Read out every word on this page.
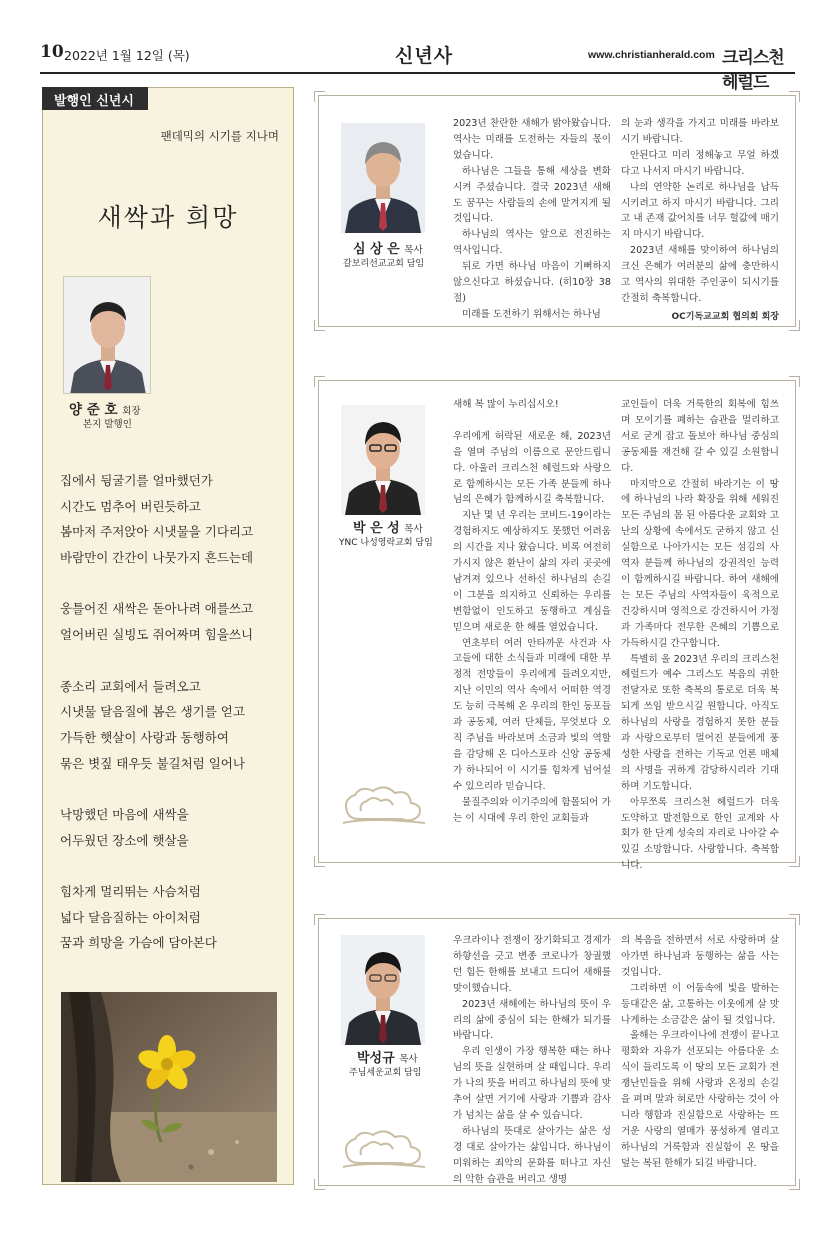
10 2022년 1월 12일 (목)	신년사	www.christianherald.com 크리스천헤럴드
발행인 신년시
팬데믹의 시기를 지나며
새싹과 희망
양 준 호 회장
본지 발행인
집에서 뒹굴기를 얼마했던가
시간도 멈추어 버린듯하고
봄마저 주저앉아 시냇물을 기다리고
바람만이 간간이 나뭇가지 흔드는데
웅틀어진 새싹은 돋아나려 애를쓰고
얼어버린 실빙도 쥐어짜며 힘을쓰니
종소리 교회에서 들려오고
시냇물 달음질에 봄은 생기를 얻고
가득한 햇살이 사랑과 동행하여
묶은 볏짚 태우듯 불길처럼 일어나
낙망했던 마음에 새싹을
어두웠던 장소에 햇살을
힘차게 멀리뛰는 사슴처럼
넓다 달음질하는 아이처럼
꿈과 희망을 가슴에 담아본다
심 상 은 목사
갈보리선교교회 담임

2023년 찬란한 새해가 밝아왔습니다. 역사는 미래를 도전하는 자들의 몫이었습니다.

하나님은 그들을 통해 세상을 변화시켜 주셨습니다. 결국 2023년 새해도 꿈꾸는 사람들의 손에 맡겨지게 될 것입니다.

하나님의 역사는 앞으로 전진하는 역사입니다.

뒤로 가면 하나님 마음이 기뻐하지 않으신다고 하셨습니다. (히10장 38절)

미래를 도전하기 위해서는 하나님

의 눈과 생각을 가지고 미래를 바라보시기 바랍니다.

안된다고 미리 정해놓고 무얼 하겠다고 나서지 마시기 바랍니다.

나의 연약한 논리로 하나님을 납득시키려고 하지 마시기 바랍니다. 그리고 내 존재 값어치를 너무 헐값에 매기지 마시기 바랍니다.

2023년 새해를 맞이하여 하나님의 크신 은혜가 여러분의 삶에 충만하시고 역사의 위대한 주인공이 되시기를 간절히 축복합니다.

OC기독교교회 협의회 회장

박 은 성 목사
YNC 나성영락교회 담임

새해 복 많이 누리십시오!

우리에게 허락된 새로운 해, 2023년을 열며 주님의 이름으로 문안드립니다. 아울러 크리스천 헤럴드와 사랑으로 함께하시는 모든 가족 분들께 하나님의 은혜가 함께하시길 축복합니다.

지난 몇 년 우리는 코비드-19이라는 경험하지도 예상하지도 못했던 어려움의 시간을 지나 왔습니다. 비록 여전히 가시지 않은 환난이 삶의 자리 곳곳에 남겨져 있으나 선하신 하나님의 손길이 그분을 의지하고 신뢰하는 우리를 변함없이 인도하고 동행하고 계심을 믿으며 새로운 한 해를 열었습니다.

연초부터 여러 안타까운 사건과 사고들에 대한 소식들과 미래에 대한 부정적 전망들이 우리에게 들려오지만, 지난 이민의 역사 속에서 어떠한 역경도 능히 극복해 온 우리의 한인 동포들과 공동체, 여러 단체들, 무엇보다 오직 주님을 바라보며 소금과 빛의 역할을 감당해 온 디아스포라 신앙 공동체가 하나되어 이 시기를 힘차게 넘어설 수 있으리라 믿습니다.

물질주의와 이기주의에 함몰되어 가는 이 시대에 우리 한인 교회들과

교인들이 더욱 거룩한의 회복에 힘쓰며 모이기를 폐하는 습관을 멀리하고 서로 굳게 잡고 돌보아 하나님 중심의 공동체를 재건해 갈 수 있길 소원합니다.

마지막으로 간절히 바라기는 이 땅에 하나님의 나라 확장을 위해 세워진 모든 주님의 몸 된 아름다운 교회와 고난의 상황에 속에서도 굳하지 않고 신실함으로 나아가시는 모든 섬김의 사역자 분들께 하나님의 강권적인 능력이 함께하시길 바랍니다. 하여 새해에는 모든 주님의 사역자들이 육적으로 건강하시며 영적으로 강건하시어 가정과 가족마다 전무한 은혜의 기쁨으로 가득하시길 간구합니다.

특별히 올 2023년 우리의 크리스천 헤럴드가 예수 그리스도 복음의 귀한 전달자로 또한 축복의 통로로 더욱 복되게 쓰임 받으시길 원합니다. 아직도 하나님의 사랑을 경험하지 못한 분들과 사랑으로부터 멀어진 분들에게 풍성한 사랑을 전하는 기독교 언론 매체의 사명을 귀하게 감당하시리라 기대하며 기도합니다.

아무쪼록 크리스천 헤럴드가 더욱 도약하고 발전함으로 한인 교계와 사회가 한 단계 성숙의 자리로 나아갈 수 있길 소망합니다. 사랑합니다. 축복합니다.

박성규 목사
주님세운교회 담임

우크라이나 전쟁이 장기화되고 경제가 하향선을 긋고 변종 코로나가 창궐했던 힘든 한해를 보내고 드디어 새해를 맞이했습니다.

2023년 새해에는 하나님의 뜻이 우리의 삶에 중심이 되는 한해가 되기를 바랍니다.

우리 인생이 가장 행복한 때는 하나님의 뜻을 실현하며 살 때입니다. 우리가 나의 뜻을 버리고 하나님의 뜻에 맞추어 살면 거기에 사랑과 기쁨과 감사가 넘치는 삶을 살 수 있습니다.

하나님의 뜻대로 살아가는 삶은 성경 대로 살아가는 삶입니다. 하나님이 미워하는 죄악의 문화를 떠나고 자신의 악한 습관을 버리고 생명

의 복음을 전하면서 서로 사랑하며 살아가면 하나님과 동행하는 삶을 사는 것입니다.

그리하면 이 어둠속에 빛을 발하는 등대같은 삶, 고통하는 이웃에게 살 맛나게하는 소금같은 삶이 될 것입니다.

올해는 우크라이나에 전쟁이 끝나고 평화와 자유가 선포되는 아름다운 소식이 들리도록 이 땅의 모든 교회가 전쟁난민들을 위해 사랑과 온정의 손길을 펴며 말과 혀로만 사랑하는 것이 아니라 행함과 진실함으로 사랑하는 뜨거운 사랑의 열매가 풍성하게 열리고 하나님의 거룩함과 진실함이 온 땅을 덮는 복된 한해가 되길 바랍니다.
